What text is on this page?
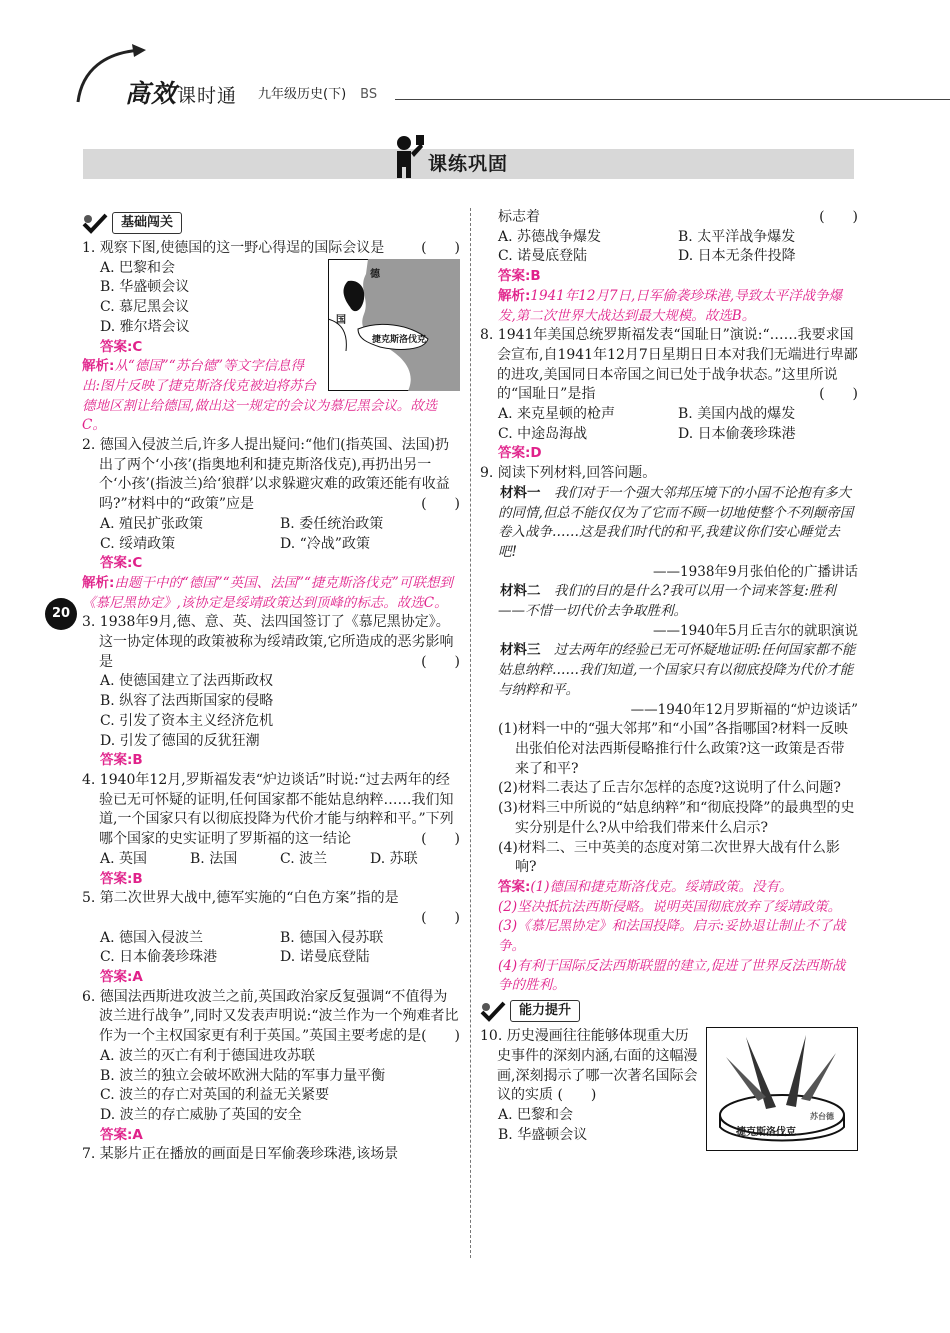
高效课时通 九年级历史(下) BS
课练巩固
20
基础闯关

1. 观察下图,使德国的这一野心得逞的国际会议是	(　　)

德
台
国
捷克斯洛伐克

A. 巴黎和会

B. 华盛顿会议

C. 慕尼黑会议

D. 雅尔塔会议

答案:C

解析:从“德国”“苏台德”等文字信息得出:图片反映了捷克斯洛伐克被迫将苏台德地区割让给德国,做出这一规定的会议为慕尼黑会议。故选C。

2. 德国入侵波兰后,许多人提出疑问:“他们(指英国、法国)扔出了两个‘小孩’(指奥地利和捷克斯洛伐克),再扔出另一个‘小孩’(指波兰)给‘狼群’以求躲避灾难的政策还能有收益吗?”材料中的“政策”应是	(　　)

A. 殖民扩张政策	B. 委任统治政策

C. 绥靖政策	D. “冷战”政策

答案:C

解析:由题干中的“德国”“英国、法国”“捷克斯洛伐克”可联想到《慕尼黑协定》,该协定是绥靖政策达到顶峰的标志。故选C。

3. 1938年9月,德、意、英、法四国签订了《慕尼黑协定》。这一协定体现的政策被称为绥靖政策,它所造成的恶劣影响是	(　　)

A. 使德国建立了法西斯政权

B. 纵容了法西斯国家的侵略

C. 引发了资本主义经济危机

D. 引发了德国的反犹狂潮

答案:B

4. 1940年12月,罗斯福发表“炉边谈话”时说:“过去两年的经验已无可怀疑的证明,任何国家都不能姑息纳粹……我们知道,一个国家只有以彻底投降为代价才能与纳粹和平。”下列哪个国家的史实证明了罗斯福的这一结论	(　　)

A. 英国	B. 法国	C. 波兰	D. 苏联

答案:B

5. 第二次世界大战中,德军实施的“白色方案”指的是

(　　)

A. 德国入侵波兰	B. 德国入侵苏联

C. 日本偷袭珍珠港	D. 诺曼底登陆

答案:A

6. 德国法西斯进攻波兰之前,英国政治家反复强调“不值得为波兰进行战争”,同时又发表声明说:“波兰作为一个殉难者比作为一个主权国家更有利于英国。”英国主要考虑的是 (　　)

A. 波兰的灭亡有利于德国进攻苏联

B. 波兰的独立会破坏欧洲大陆的军事力量平衡

C. 波兰的存亡对英国的利益无关紧要

D. 波兰的存亡威胁了英国的安全

答案:A

7. 某影片正在播放的画面是日军偷袭珍珠港,该场景

标志着	(　　)

A. 苏德战争爆发	B. 太平洋战争爆发

C. 诺曼底登陆	D. 日本无条件投降

答案:B

解析:1941年12月7日,日军偷袭珍珠港,导致太平洋战争爆发,第二次世界大战达到最大规模。故选B。

8. 1941年美国总统罗斯福发表“国耻日”演说:“……我要求国会宣布,自1941年12月7日星期日日本对我们无端进行卑鄙的进攻,美国同日本帝国之间已处于战争状态。”这里所说的“国耻日”是指	(　　)

A. 来克星顿的枪声	B. 美国内战的爆发

C. 中途岛海战	D. 日本偷袭珍珠港

答案:D

9. 阅读下列材料,回答问题。

材料一　我们对于一个强大邻邦压境下的小国不论抱有多大的同情,但总不能仅仅为了它而不顾一切地使整个不列颠帝国卷入战争……这是我们时代的和平,我建议你们安心睡觉去吧!

——1938年9月张伯伦的广播讲话

材料二　我们的目的是什么?我可以用一个词来答复:胜利——不惜一切代价去争取胜利。

——1940年5月丘吉尔的就职演说

材料三　过去两年的经验已无可怀疑地证明:任何国家都不能姑息纳粹……我们知道,一个国家只有以彻底投降为代价才能与纳粹和平。

——1940年12月罗斯福的“炉边谈话”

(1)材料一中的“强大邻邦”和“小国”各指哪国?材料一反映出张伯伦对法西斯侵略推行什么政策?这一政策是否带来了和平?

(2)材料二表达了丘吉尔怎样的态度?这说明了什么问题?

(3)材料三中所说的“姑息纳粹”和“彻底投降”的最典型的史实分别是什么?从中给我们带来什么启示?

(4)材料二、三中英美的态度对第二次世界大战有什么影响?

答案:(1)德国和捷克斯洛伐克。绥靖政策。没有。

(2)坚决抵抗法西斯侵略。说明英国彻底放弃了绥靖政策。

(3)《慕尼黑协定》和法国投降。启示:妥协退让制止不了战争。

(4)有利于国际反法西斯联盟的建立,促进了世界反法西斯战争的胜利。

能力提升
捷克斯洛伐克
苏台德

10. 历史漫画往往能够体现重大历史事件的深刻内涵,右面的这幅漫画,深刻揭示了哪一次著名国际会议的实质 (　　)

A. 巴黎和会

B. 华盛顿会议
